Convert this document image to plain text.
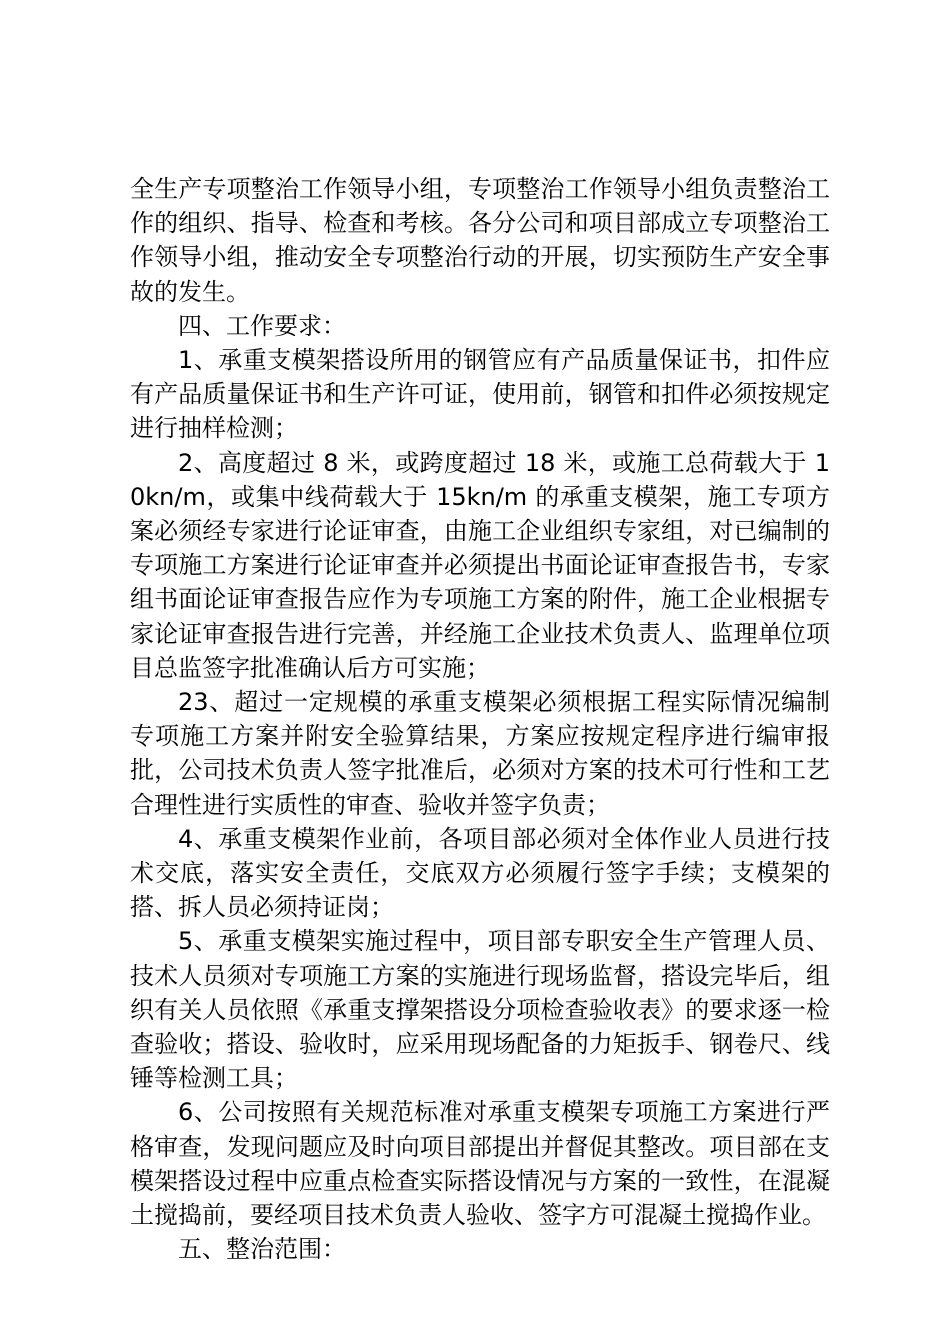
全生产专项整治工作领导小组，专项整治工作领导小组负责整治工作的组织、指导、检查和考核。各分公司和项目部成立专项整治工作领导小组，推动安全专项整治行动的开展，切实预防生产安全事故的发生。

四、工作要求：

1、承重支模架搭设所用的钢管应有产品质量保证书，扣件应有产品质量保证书和生产许可证，使用前，钢管和扣件必须按规定进行抽样检测；

2、高度超过 8 米，或跨度超过 18 米，或施工总荷载大于 10kn/m，或集中线荷载大于 15kn/m 的承重支模架，施工专项方案必须经专家进行论证审查，由施工企业组织专家组，对已编制的专项施工方案进行论证审查并必须提出书面论证审查报告书，专家组书面论证审查报告应作为专项施工方案的附件，施工企业根据专家论证审查报告进行完善，并经施工企业技术负责人、监理单位项目总监签字批准确认后方可实施；

23、超过一定规模的承重支模架必须根据工程实际情况编制专项施工方案并附安全验算结果，方案应按规定程序进行编审报批，公司技术负责人签字批准后，必须对方案的技术可行性和工艺合理性进行实质性的审查、验收并签字负责；

4、承重支模架作业前，各项目部必须对全体作业人员进行技术交底，落实安全责任，交底双方必须履行签字手续；支模架的搭、拆人员必须持证岗；

5、承重支模架实施过程中，项目部专职安全生产管理人员、技术人员须对专项施工方案的实施进行现场监督，搭设完毕后，组织有关人员依照《承重支撑架搭设分项检查验收表》的要求逐一检查验收；搭设、验收时，应采用现场配备的力矩扳手、钢卷尺、线锤等检测工具；

6、公司按照有关规范标准对承重支模架专项施工方案进行严格审查，发现问题应及时向项目部提出并督促其整改。项目部在支模架搭设过程中应重点检查实际搭设情况与方案的一致性，在混凝土搅捣前，要经项目技术负责人验收、签字方可混凝土搅捣作业。

五、整治范围：
